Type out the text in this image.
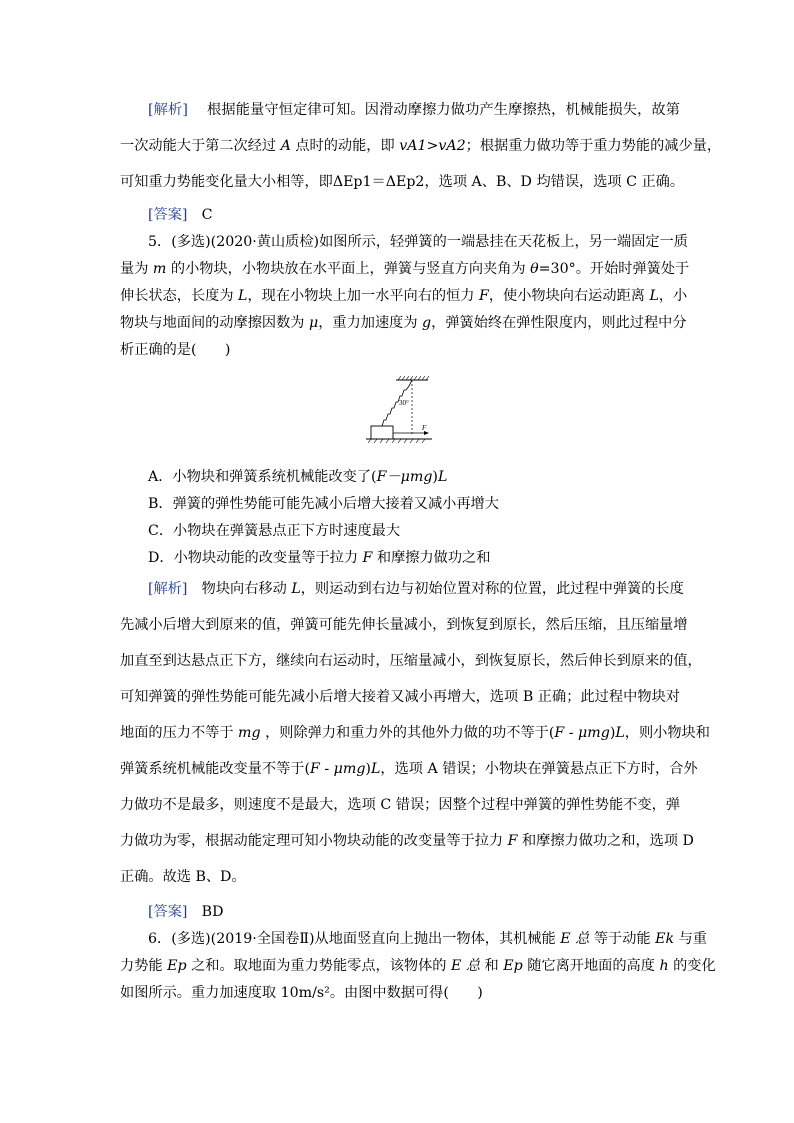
[解析]　 根据能量守恒定律可知。因滑动摩擦力做功产生摩擦热，机械能损失，故第
一次动能大于第二次经过 A 点时的动能，即 vA1>vA2；根据重力做功等于重力势能的减少量，
可知重力势能变化量大小相等，即ΔEp1＝ΔEp2，选项 A、B、D 均错误，选项 C 正确。
[答案]　 C
5．(多选)(2020·黄山质检)如图所示，轻弹簧的一端悬挂在天花板上，另一端固定一质
量为 m 的小物块，小物块放在水平面上，弹簧与竖直方向夹角为 θ=30°。开始时弹簧处于
伸长状态，长度为 L，现在小物块上加一水平向右的恒力 F，使小物块向右运动距离 L，小
物块与地面间的动摩擦因数为 μ，重力加速度为 g，弹簧始终在弹性限度内，则此过程中分
析正确的是(　　)
30°
F
A．小物块和弹簧系统机械能改变了(F－μmg)L
B．弹簧的弹性势能可能先减小后增大接着又减小再增大
C．小物块在弹簧悬点正下方时速度最大
D．小物块动能的改变量等于拉力 F 和摩擦力做功之和
[解析]　 物块向右移动 L，则运动到右边与初始位置对称的位置，此过程中弹簧的长度
先减小后增大到原来的值，弹簧可能先伸长量减小，到恢复到原长，然后压缩，且压缩量增
加直至到达悬点正下方，继续向右运动时，压缩量减小，到恢复原长，然后伸长到原来的值，
可知弹簧的弹性势能可能先减小后增大接着又减小再增大，选项 B 正确；此过程中物块对
地面的压力不等于 mg ，则除弹力和重力外的其他外力做的功不等于(F - μmg)L，则小物块和
弹簧系统机械能改变量不等于(F - μmg)L，选项 A 错误；小物块在弹簧悬点正下方时，合外
力做功不是最多，则速度不是最大，选项 C 错误；因整个过程中弹簧的弹性势能不变，弹
力做功为零，根据动能定理可知小物块动能的改变量等于拉力 F 和摩擦力做功之和，选项 D
正确。故选 B、D。
[答案]　 BD
6．(多选)(2019·全国卷Ⅱ)从地面竖直向上抛出一物体，其机械能 E 总 等于动能 Ek 与重
力势能 Ep 之和。取地面为重力势能零点，该物体的 E 总 和 Ep 随它离开地面的高度 h 的变化
如图所示。重力加速度取 10m/s²。由图中数据可得(　　)
